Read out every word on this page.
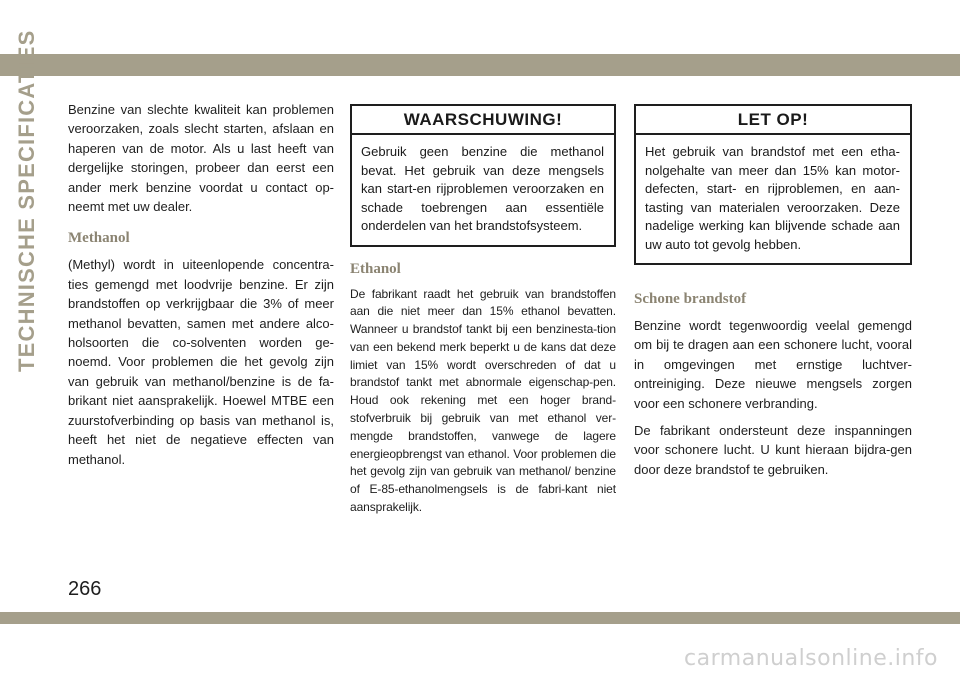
TECHNISCHE SPECIFICATIES Benzine van slechte kwaliteit kan problemen veroorzaken, zoals slecht starten, afslaan en haperen van de motor. Als u last heeft van dergelijke storingen, probeer dan eerst een ander merk benzine voordat u contact op-neemt met uw dealer.

Methanol

(Methyl) wordt in uiteenlopende concentra-ties gemengd met loodvrije benzine. Er zijn brandstoffen op verkrijgbaar die 3% of meer methanol bevatten, samen met andere alco-holsoorten die co-solventen worden ge-noemd. Voor problemen die het gevolg zijn van gebruik van methanol/benzine is de fa-brikant niet aansprakelijk. Hoewel MTBE een zuurstofverbinding op basis van methanol is, heeft het niet de negatieve effecten van methanol.

WAARSCHUWING!
Gebruik geen benzine die methanol bevat. Het gebruik van deze mengsels kan start-en rijproblemen veroorzaken en schade toebrengen aan essentiële onderdelen van het brandstofsysteem.
Ethanol

De fabrikant raadt het gebruik van brandstoffen aan die niet meer dan 15% ethanol bevatten. Wanneer u brandstof tankt bij een benzinesta-tion van een bekend merk beperkt u de kans dat deze limiet van 15% wordt overschreden of dat u brandstof tankt met abnormale eigenschap-pen. Houd ook rekening met een hoger brand-stofverbruik bij gebruik van met ethanol ver-mengde brandstoffen, vanwege de lagere energieopbrengst van ethanol. Voor problemen die het gevolg zijn van gebruik van methanol/ benzine of E-85-ethanolmengsels is de fabri-kant niet aansprakelijk.

LET OP!
Het gebruik van brandstof met een etha-nolgehalte van meer dan 15% kan motor-defecten, start- en rijproblemen, en aan-tasting van materialen veroorzaken. Deze nadelige werking kan blijvende schade aan uw auto tot gevolg hebben.
Schone brandstof

Benzine wordt tegenwoordig veelal gemengd om bij te dragen aan een schonere lucht, vooral in omgevingen met ernstige luchtver-ontreiniging. Deze nieuwe mengsels zorgen voor een schonere verbranding.

De fabrikant ondersteunt deze inspanningen voor schonere lucht. U kunt hieraan bijdra-gen door deze brandstof te gebruiken.

266
carmanualsonline.info
